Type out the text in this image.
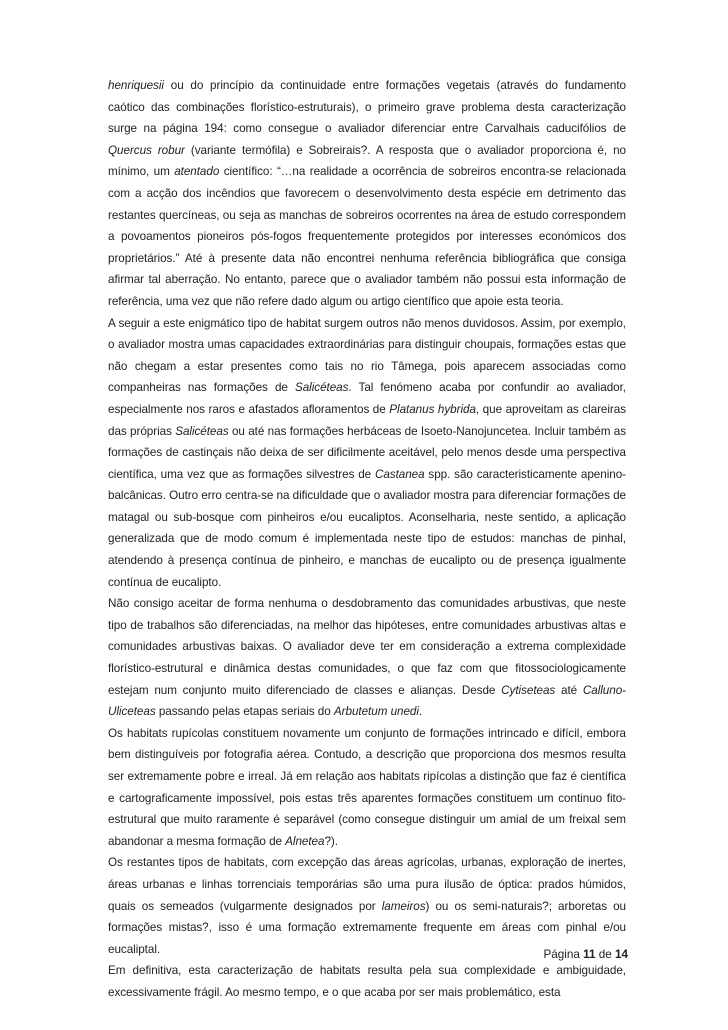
henriquesii ou do princípio da continuidade entre formações vegetais (através do fundamento caótico das combinações florístico-estruturais), o primeiro grave problema desta caracterização surge na página 194: como consegue o avaliador diferenciar entre Carvalhais caducifólios de Quercus robur (variante termófila) e Sobreirais?. A resposta que o avaliador proporciona é, no mínimo, um atentado científico: “…na realidade a ocorrência de sobreiros encontra-se relacionada com a acção dos incêndios que favorecem o desenvolvimento desta espécie em detrimento das restantes quercíneas, ou seja as manchas de sobreiros ocorrentes na área de estudo correspondem a povoamentos pioneiros pós-fogos frequentemente protegidos por interesses económicos dos proprietários.” Até à presente data não encontrei nenhuma referência bibliográfica que consiga afirmar tal aberração. No entanto, parece que o avaliador também não possui esta informação de referência, uma vez que não refere dado algum ou artigo científico que apoie esta teoria.

A seguir a este enigmático tipo de habitat surgem outros não menos duvidosos. Assim, por exemplo, o avaliador mostra umas capacidades extraordinárias para distinguir choupais, formações estas que não chegam a estar presentes como tais no rio Tâmega, pois aparecem associadas como companheiras nas formações de Salicéteas. Tal fenómeno acaba por confundir ao avaliador, especialmente nos raros e afastados afloramentos de Platanus hybrida, que aproveitam as clareiras das próprias Salicéteas ou até nas formações herbáceas de Isoeto-Nanojuncetea. Incluir também as formações de castinçais não deixa de ser dificilmente aceitável, pelo menos desde uma perspectiva científica, uma vez que as formações silvestres de Castanea spp. são caracteristicamente apenino-balcânicas. Outro erro centra-se na dificuldade que o avaliador mostra para diferenciar formações de matagal ou sub-bosque com pinheiros e/ou eucaliptos. Aconselharia, neste sentido, a aplicação generalizada que de modo comum é implementada neste tipo de estudos: manchas de pinhal, atendendo à presença contínua de pinheiro, e manchas de eucalipto ou de presença igualmente contínua de eucalipto.

Não consigo aceitar de forma nenhuma o desdobramento das comunidades arbustivas, que neste tipo de trabalhos são diferenciadas, na melhor das hipóteses, entre comunidades arbustivas altas e comunidades arbustivas baixas. O avaliador deve ter em consideração a extrema complexidade florístico-estrutural e dinâmica destas comunidades, o que faz com que fitossociologicamente estejam num conjunto muito diferenciado de classes e alianças. Desde Cytiseteas até Calluno-Uliceteas passando pelas etapas seriais do Arbutetum unedi.

Os habitats rupícolas constituem novamente um conjunto de formações intrincado e difícil, embora bem distinguíveis por fotografia aérea. Contudo, a descrição que proporciona dos mesmos resulta ser extremamente pobre e irreal. Já em relação aos habitats ripícolas a distinção que faz é científica e cartograficamente impossível, pois estas três aparentes formações constituem um continuo fito-estrutural que muito raramente é separável (como consegue distinguir um amial de um freixal sem abandonar a mesma formação de Alnetea?).

Os restantes tipos de habitats, com excepção das áreas agrícolas, urbanas, exploração de inertes, áreas urbanas e linhas torrenciais temporárias são uma pura ilusão de óptica: prados húmidos, quais os semeados (vulgarmente designados por lameiros) ou os semi-naturais?; arboretas ou formações mistas?, isso é uma formação extremamente frequente em áreas com pinhal e/ou eucaliptal.

Em definitiva, esta caracterização de habitats resulta pela sua complexidade e ambiguidade, excessivamente frágil. Ao mesmo tempo, e o que acaba por ser mais problemático, esta

Página 11 de 14
